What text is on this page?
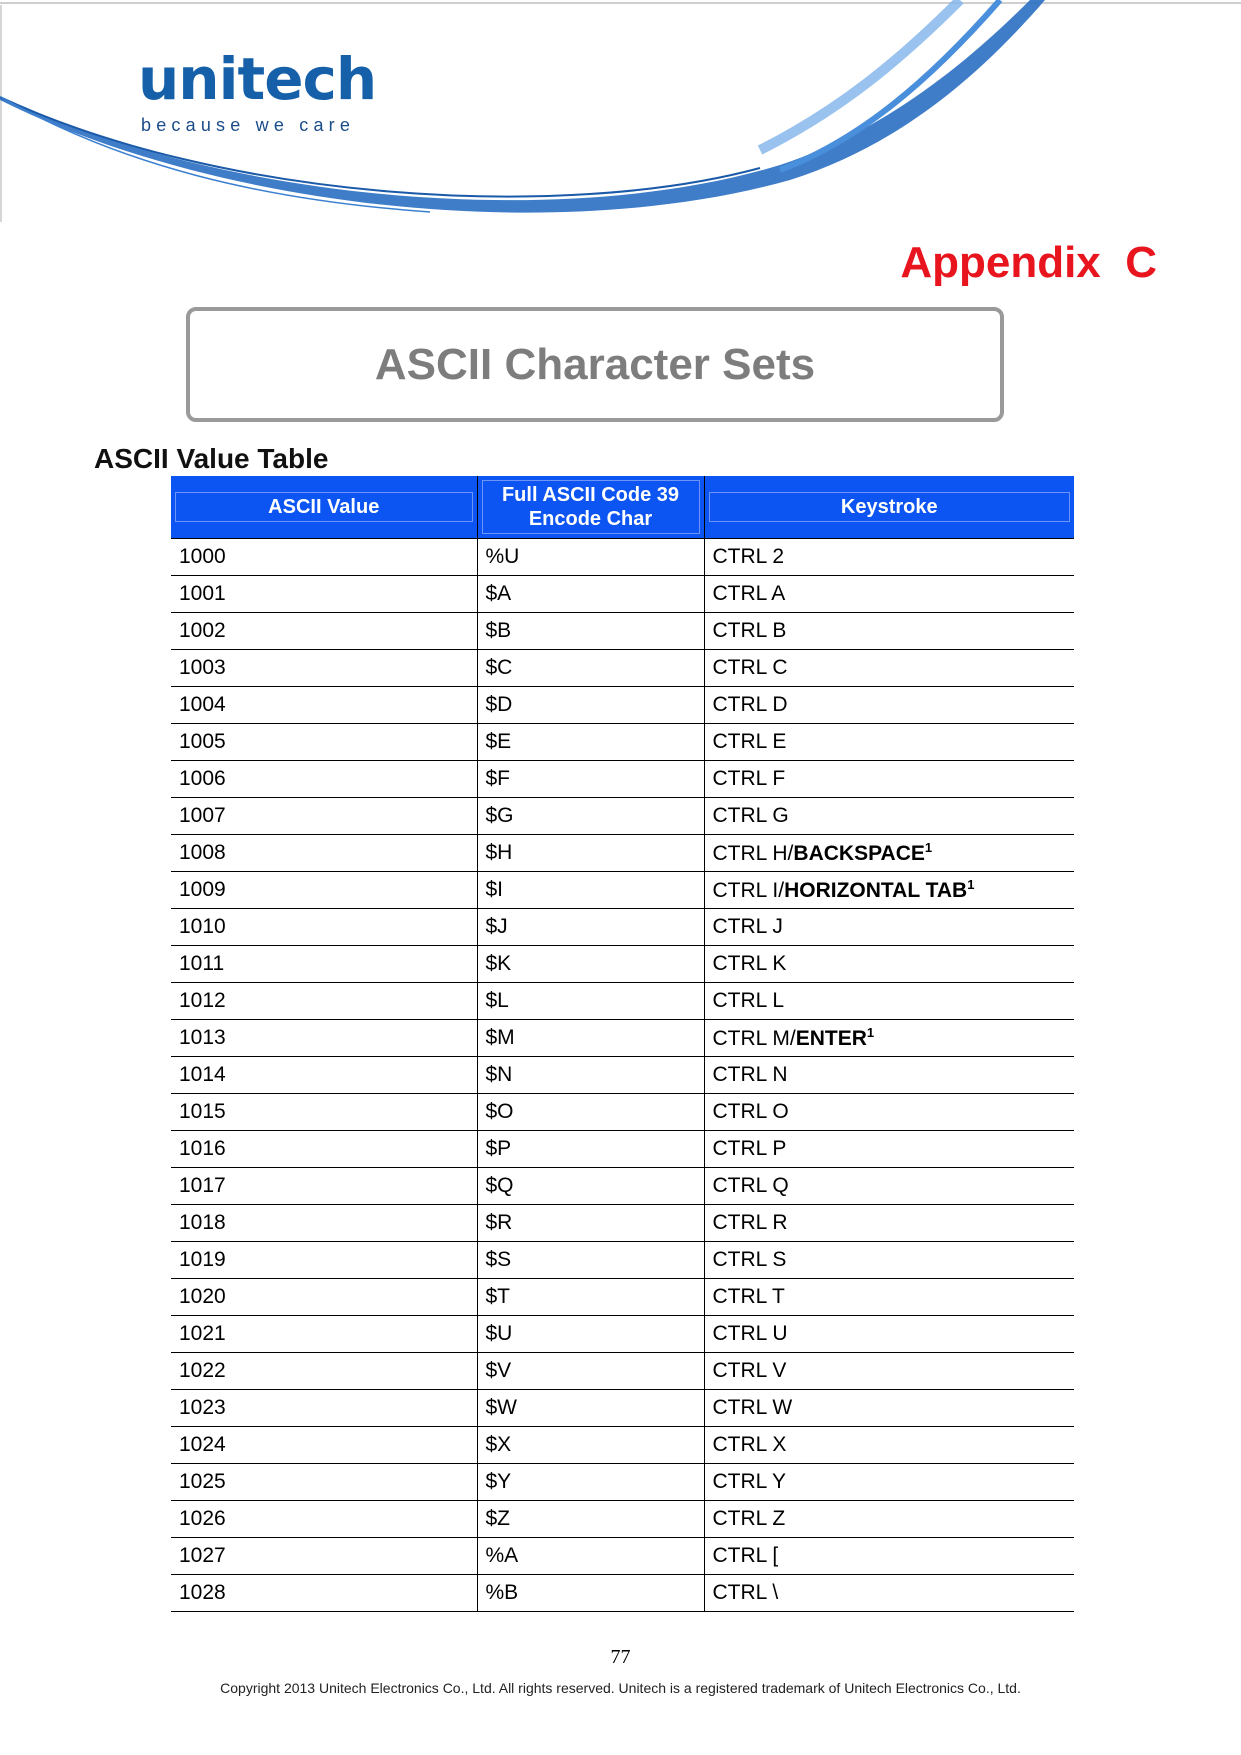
unitech
because we care
Appendix  C
ASCII Character Sets
ASCII Value Table
ASCII Value	Full ASCII Code 39 Encode Char	Keystroke

1000	%U	CTRL 2
1001	$A	CTRL A
1002	$B	CTRL B
1003	$C	CTRL C
1004	$D	CTRL D
1005	$E	CTRL E
1006	$F	CTRL F
1007	$G	CTRL G
1008	$H	CTRL H/BACKSPACE$^1$
1009	$I	CTRL I/HORIZONTAL TAB$^1$
1010	$J	CTRL J
1011	$K	CTRL K
1012	$L	CTRL L
1013	$M	CTRL M/ENTER$^1$
1014	$N	CTRL N
1015	$O	CTRL O
1016	$P	CTRL P
1017	$Q	CTRL Q
1018	$R	CTRL R
1019	$S	CTRL S
1020	$T	CTRL T
1021	$U	CTRL U
1022	$V	CTRL V
1023	$W	CTRL W
1024	$X	CTRL X
1025	$Y	CTRL Y
1026	$Z	CTRL Z
1027	%A	CTRL [
1028	%B	CTRL \
77
Copyright 2013 Unitech Electronics Co., Ltd. All rights reserved. Unitech is a registered trademark of Unitech Electronics Co., Ltd.
